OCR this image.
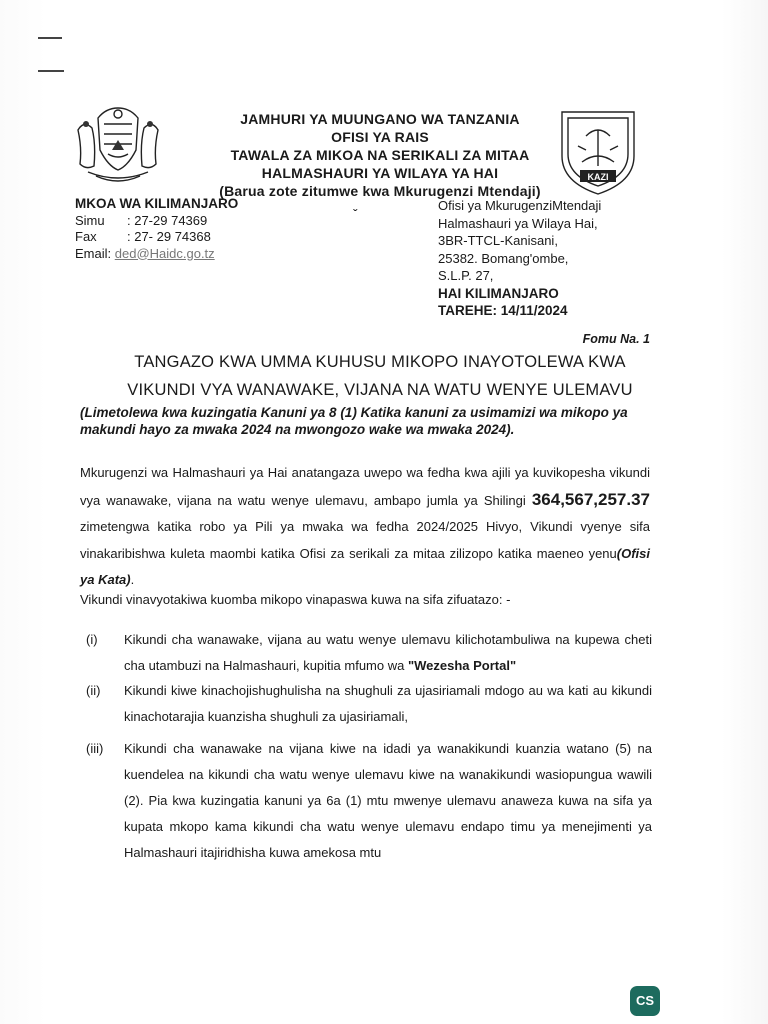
KAZI
JAMHURI YA MUUNGANO WA TANZANIA
OFISI YA RAIS
TAWALA ZA MIKOA NA SERIKALI ZA MITAA
HALMASHAURI YA WILAYA YA HAI
(Barua zote zitumwe kwa Mkurugenzi Mtendaji)
ˇ
MKOA WA KILIMANJARO
Simu : 27-29 74369
Fax : 27- 29 74368
Email: ded@Haidc.go.tz
Ofisi ya MkurugenziMtendaji
Halmashauri ya Wilaya Hai,
3BR-TTCL-Kanisani,
25382. Bomang'ombe,
S.L.P. 27,
HAI KILIMANJARO
TAREHE: 14/11/2024
Fomu Na. 1
TANGAZO KWA UMMA KUHUSU MIKOPO INAYOTOLEWA KWA
VIKUNDI VYA WANAWAKE, VIJANA NA WATU WENYE ULEMAVU
(Limetolewa kwa kuzingatia Kanuni ya 8 (1) Katika kanuni za usimamizi wa mikopo ya makundi hayo za mwaka 2024 na mwongozo wake wa mwaka 2024).
Mkurugenzi wa Halmashauri ya Hai anatangaza uwepo wa fedha kwa ajili ya kuvikopesha vikundi vya wanawake, vijana na watu wenye ulemavu, ambapo jumla ya Shilingi 364,567,257.37 zimetengwa katika robo ya Pili ya mwaka wa fedha 2024/2025 Hivyo, Vikundi vyenye sifa vinakaribishwa kuleta maombi katika Ofisi za serikali za mitaa zilizopo katika maeneo yenu(Ofisi ya Kata).
Vikundi vinavyotakiwa kuomba mikopo vinapaswa kuwa na sifa zifuatazo: -
(i) Kikundi cha wanawake, vijana au watu wenye ulemavu kilichotambuliwa na kupewa cheti cha utambuzi na Halmashauri, kupitia mfumo wa "Wezesha Portal"
(ii) Kikundi kiwe kinachojishughulisha na shughuli za ujasiriamali mdogo au wa kati au kikundi kinachotarajia kuanzisha shughuli za ujasiriamali,
(iii) Kikundi cha wanawake na vijana kiwe na idadi ya wanakikundi kuanzia watano (5) na kuendelea na kikundi cha watu wenye ulemavu kiwe na wanakikundi wasiopungua wawili (2). Pia kwa kuzingatia kanuni ya 6a (1) mtu mwenye ulemavu anaweza kuwa na sifa ya kupata mkopo kama kikundi cha watu wenye ulemavu endapo timu ya menejimenti ya Halmashauri itajiridhisha kuwa amekosa mtu
CS
